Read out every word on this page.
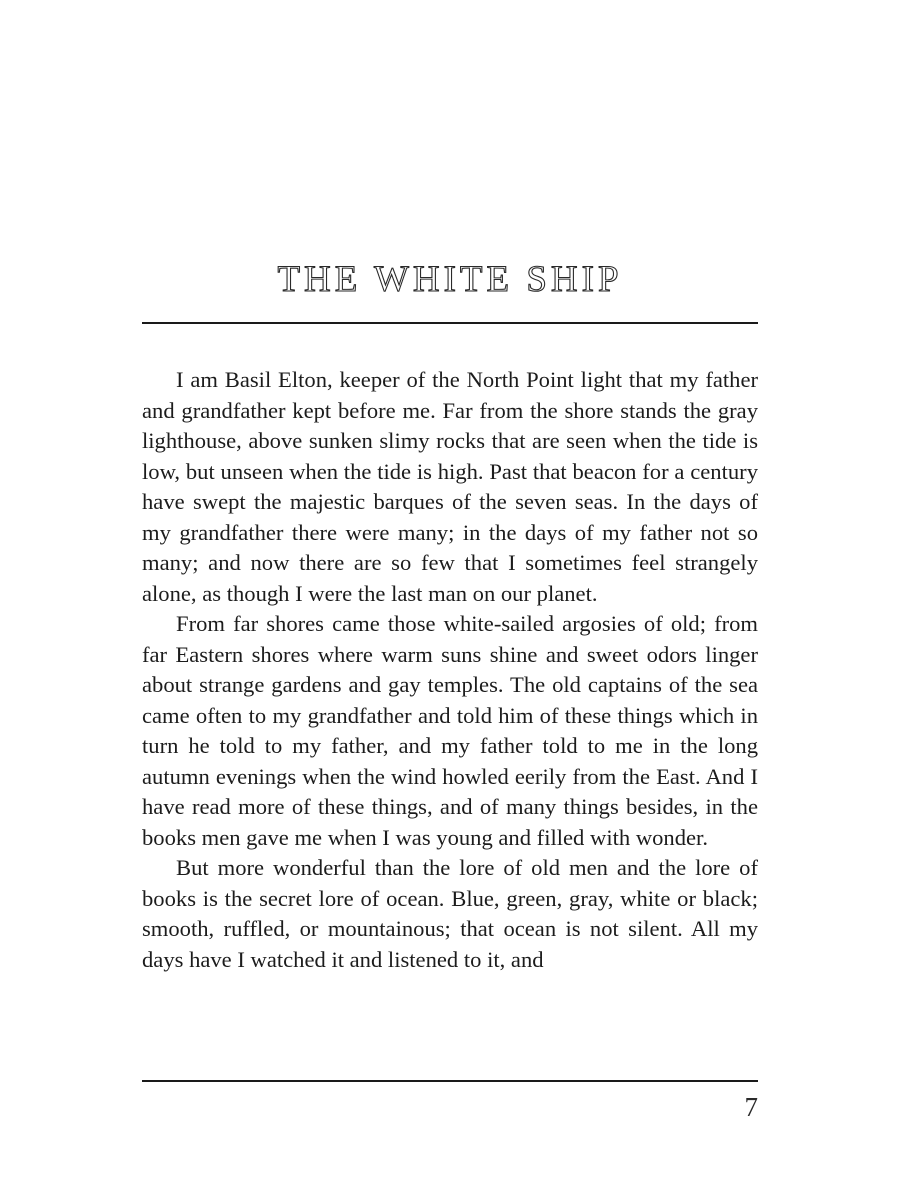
THE WHITE SHIP

I am Basil Elton, keeper of the North Point light that my father and grandfather kept before me. Far from the shore stands the gray lighthouse, above sunken slimy rocks that are seen when the tide is low, but unseen when the tide is high. Past that beacon for a century have swept the majestic barques of the seven seas. In the days of my grandfather there were many; in the days of my father not so many; and now there are so few that I sometimes feel strangely alone, as though I were the last man on our planet.

From far shores came those white-sailed argosies of old; from far Eastern shores where warm suns shine and sweet odors linger about strange gardens and gay temples. The old captains of the sea came often to my grandfather and told him of these things which in turn he told to my father, and my father told to me in the long autumn evenings when the wind howled eerily from the East. And I have read more of these things, and of many things besides, in the books men gave me when I was young and filled with wonder.

But more wonderful than the lore of old men and the lore of books is the secret lore of ocean. Blue, green, gray, white or black; smooth, ruffled, or mountainous; that ocean is not silent. All my days have I watched it and listened to it, and

7
